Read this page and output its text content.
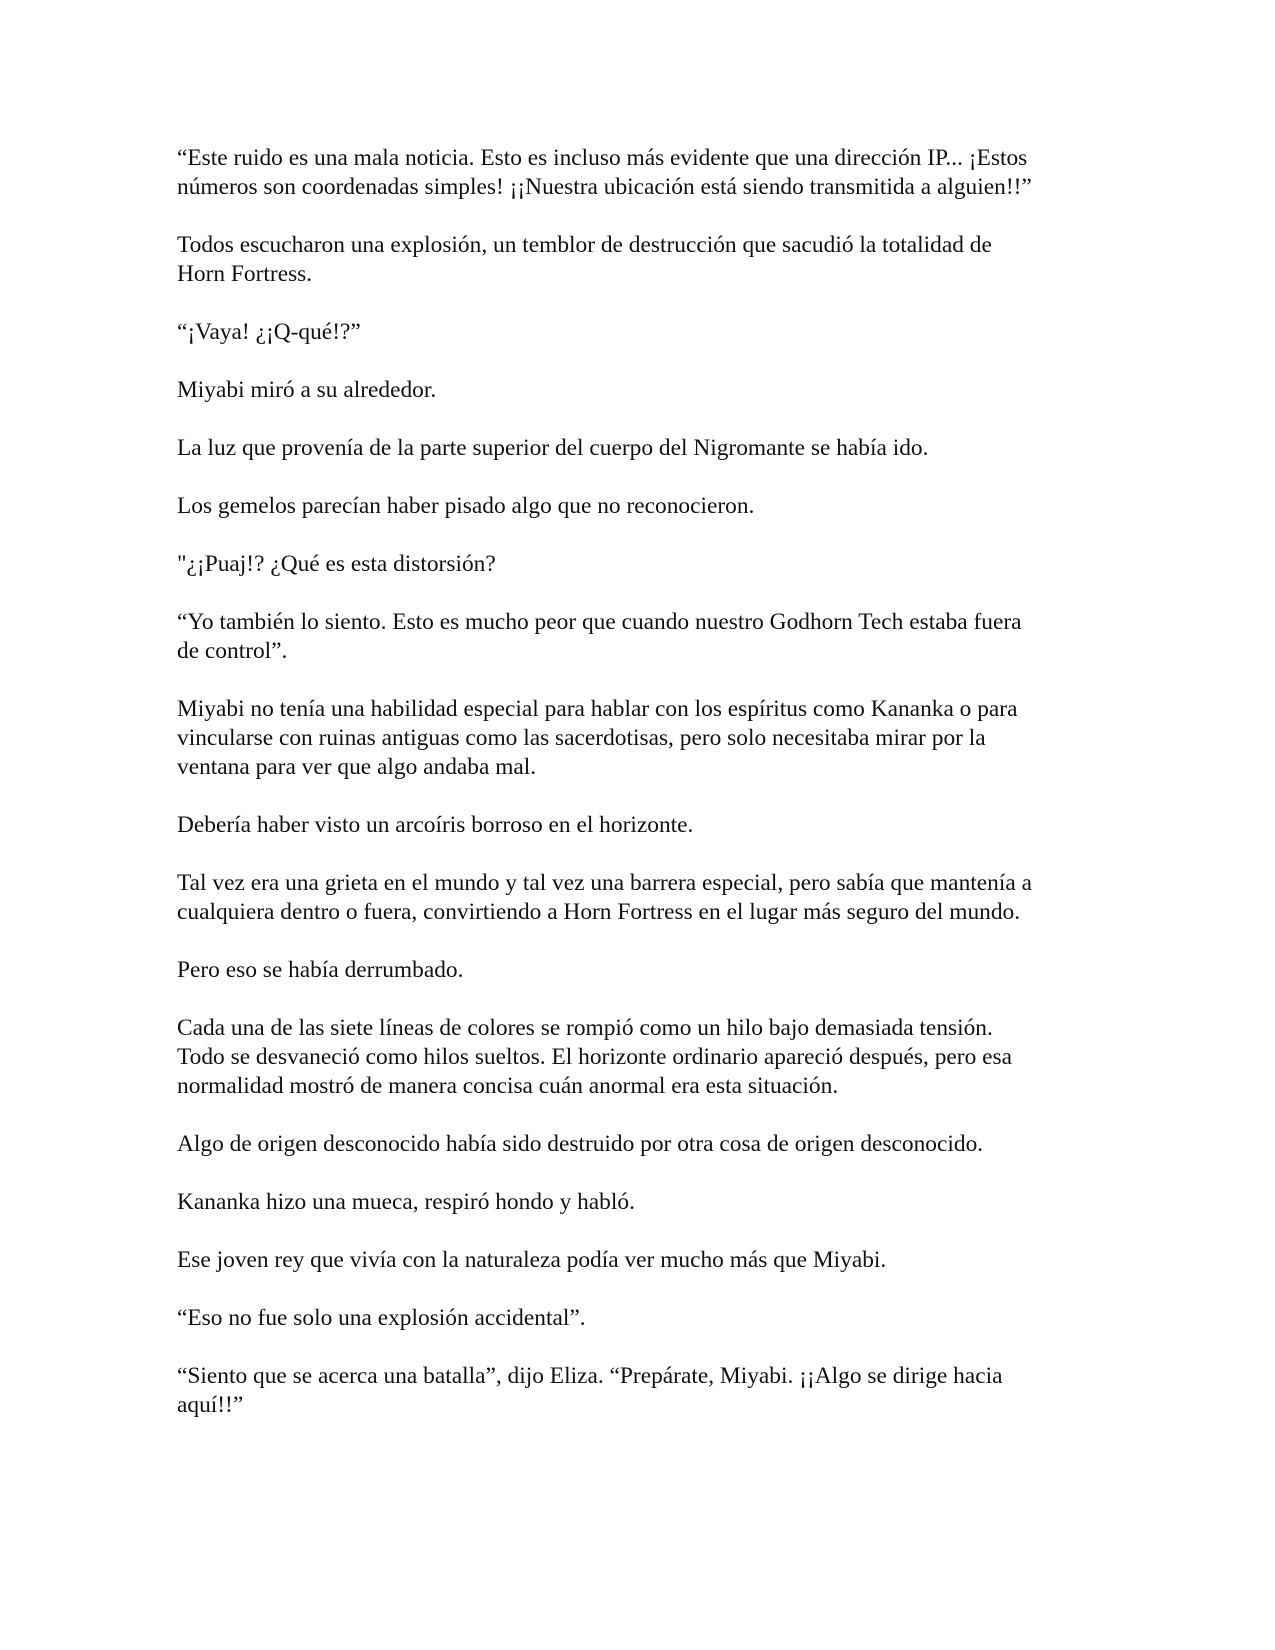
“Este ruido es una mala noticia. Esto es incluso más evidente que una dirección IP... ¡Estos
números son coordenadas simples! ¡¡Nuestra ubicación está siendo transmitida a alguien!!”

Todos escucharon una explosión, un temblor de destrucción que sacudió la totalidad de
Horn Fortress.

“¡Vaya! ¿¡Q-qué!?”

Miyabi miró a su alrededor.

La luz que provenía de la parte superior del cuerpo del Nigromante se había ido.

Los gemelos parecían haber pisado algo que no reconocieron.

"¿¡Puaj!? ¿Qué es esta distorsión?

“Yo también lo siento. Esto es mucho peor que cuando nuestro Godhorn Tech estaba fuera
de control”.

Miyabi no tenía una habilidad especial para hablar con los espíritus como Kananka o para
vincularse con ruinas antiguas como las sacerdotisas, pero solo necesitaba mirar por la
ventana para ver que algo andaba mal.

Debería haber visto un arcoíris borroso en el horizonte.

Tal vez era una grieta en el mundo y tal vez una barrera especial, pero sabía que mantenía a
cualquiera dentro o fuera, convirtiendo a Horn Fortress en el lugar más seguro del mundo.

Pero eso se había derrumbado.

Cada una de las siete líneas de colores se rompió como un hilo bajo demasiada tensión.
Todo se desvaneció como hilos sueltos. El horizonte ordinario apareció después, pero esa
normalidad mostró de manera concisa cuán anormal era esta situación.

Algo de origen desconocido había sido destruido por otra cosa de origen desconocido.

Kananka hizo una mueca, respiró hondo y habló.

Ese joven rey que vivía con la naturaleza podía ver mucho más que Miyabi.

“Eso no fue solo una explosión accidental”.

“Siento que se acerca una batalla”, dijo Eliza. “Prepárate, Miyabi. ¡¡Algo se dirige hacia
aquí!!”
